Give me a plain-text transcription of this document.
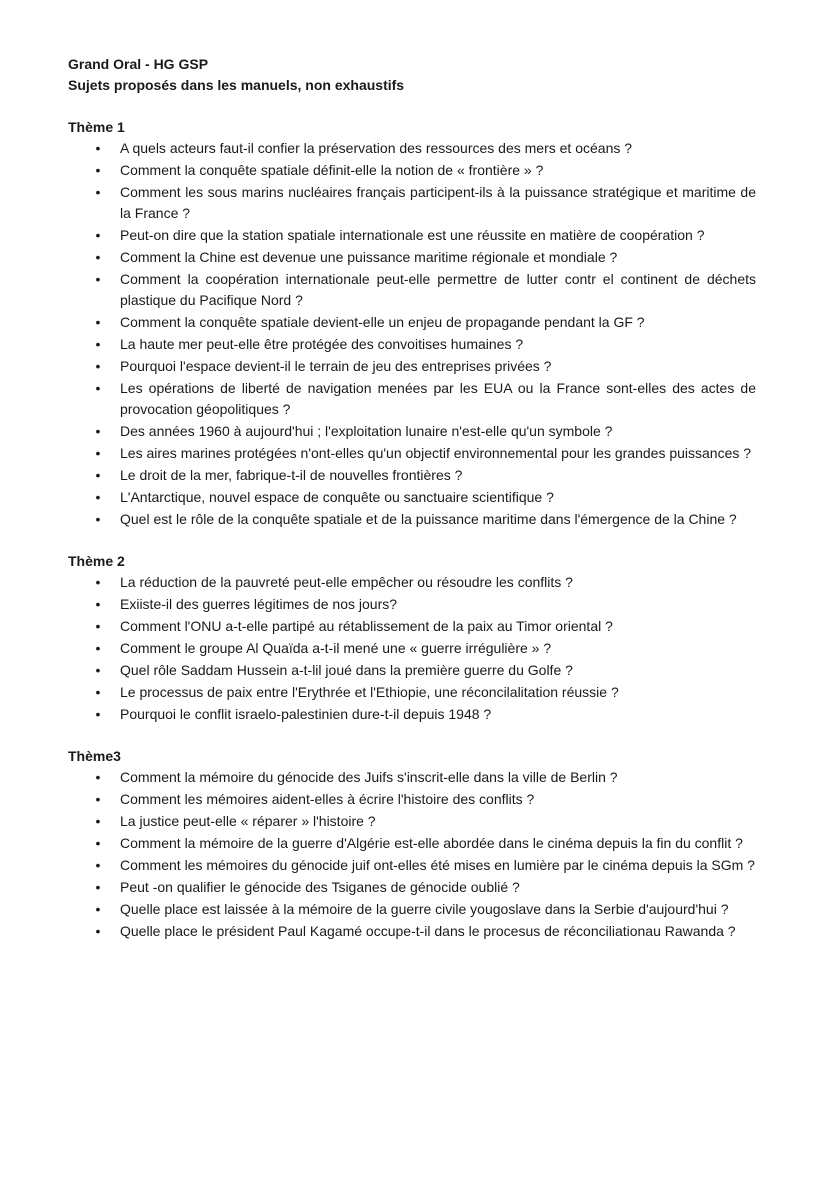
Grand Oral - HG GSP

Sujets proposés dans les manuels, non exhaustifs

Thème 1

• A quels acteurs faut-il confier la préservation des ressources des mers et océans ?
• Comment la conquête spatiale définit-elle la notion de « frontière » ?
• Comment les sous marins nucléaires français participent-ils à la puissance stratégique et maritime de la France ?
• Peut-on dire que la station spatiale internationale est une réussite en matière de coopération ?
• Comment la Chine est devenue une puissance maritime régionale et mondiale ?
• Comment la coopération internationale peut-elle permettre de lutter contr el continent de déchets plastique du Pacifique Nord ?
• Comment la conquête spatiale devient-elle un enjeu de propagande pendant la GF ?
• La haute mer peut-elle être protégée des convoitises humaines ?
• Pourquoi l'espace devient-il le terrain de jeu des entreprises privées ?
• Les opérations de liberté de navigation menées par les EUA ou la France sont-elles des actes de provocation géopolitiques ?
• Des années 1960 à aujourd'hui ; l'exploitation lunaire n'est-elle qu'un symbole ?
• Les aires marines protégées n'ont-elles qu'un objectif environnemental pour les grandes puissances ?
• Le droit de la mer, fabrique-t-il de nouvelles frontières ?
• L'Antarctique, nouvel espace de conquête ou sanctuaire scientifique ?
• Quel est le rôle de la conquête spatiale et de la puissance maritime dans l'émergence de la Chine ?

Thème 2

• La réduction de la pauvreté peut-elle empêcher ou résoudre les conflits ?
• Exiiste-il des guerres légitimes de nos jours?
• Comment l'ONU a-t-elle partipé au rétablissement de la paix au Timor oriental ?
• Comment le groupe Al Quaïda a-t-il mené une « guerre irrégulière » ?
• Quel rôle Saddam Hussein a-t-lil joué dans la première guerre du Golfe ?
• Le processus de paix entre l'Erythrée et l'Ethiopie, une réconcilalitation réussie ?
• Pourquoi le conflit israelo-palestinien dure-t-il depuis 1948 ?

Thème3

• Comment la mémoire du génocide des Juifs s'inscrit-elle dans la ville de Berlin ?
• Comment les mémoires aident-elles à écrire l'histoire des conflits ?
• La justice peut-elle « réparer » l'histoire ?
• Comment la mémoire de la guerre d'Algérie est-elle abordée dans le cinéma depuis la fin du conflit ?
• Comment les mémoires du génocide juif ont-elles été mises en lumière par le cinéma depuis la SGm ?
• Peut -on qualifier le génocide des Tsiganes de génocide oublié ?
• Quelle place est laissée à la mémoire de la guerre civile yougoslave dans la Serbie d'aujourd'hui ?
• Quelle place le président Paul Kagamé occupe-t-il dans le procesus de réconciliationau Rawanda ?
